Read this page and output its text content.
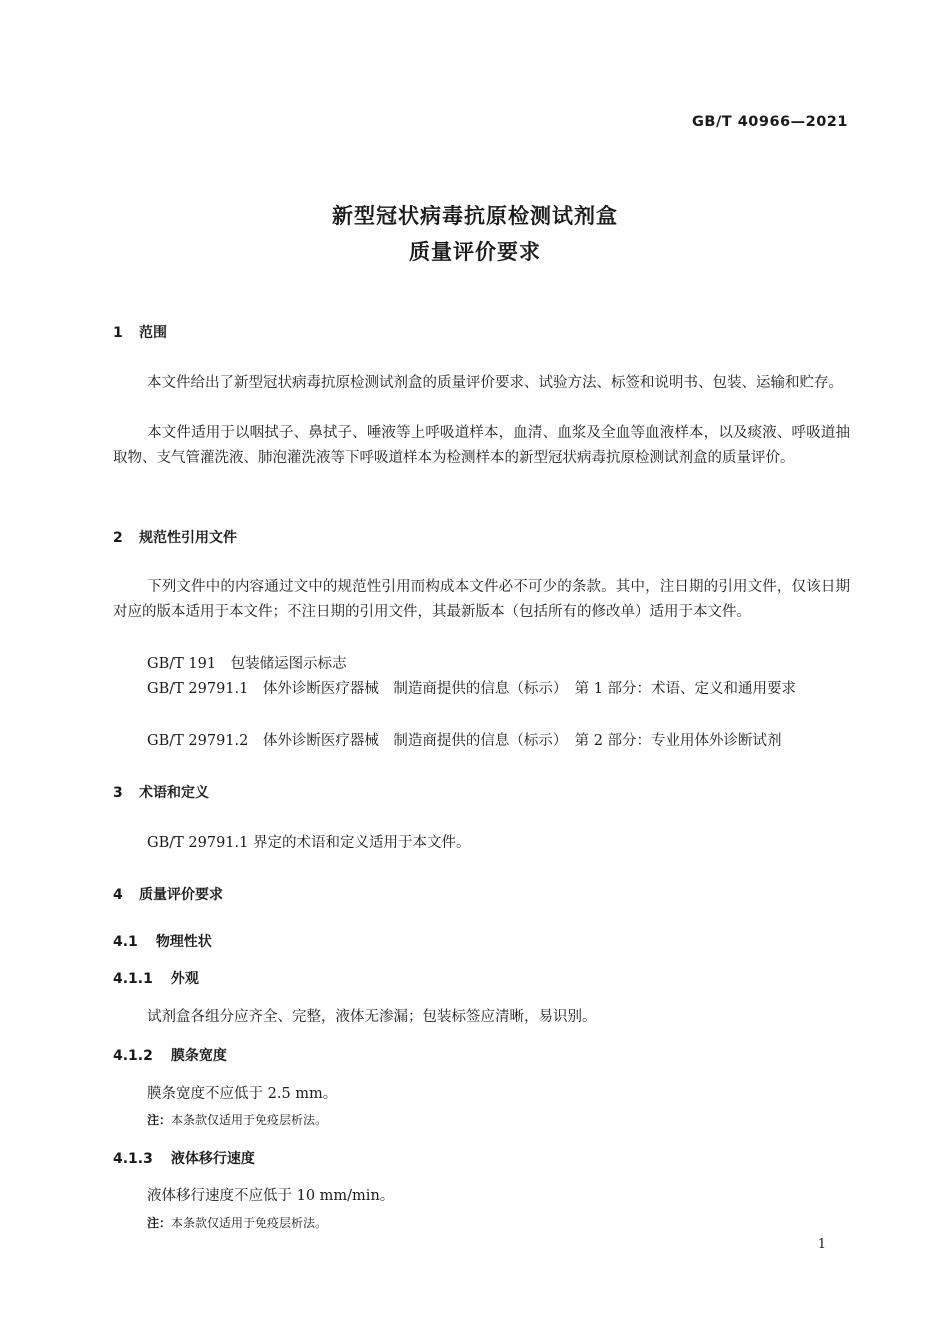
GB/T 40966—2021
新型冠状病毒抗原检测试剂盒
质量评价要求
1 范围
本文件给出了新型冠状病毒抗原检测试剂盒的质量评价要求、试验方法、标签和说明书、包装、运输和贮存。
本文件适用于以咽拭子、鼻拭子、唾液等上呼吸道样本，血清、血浆及全血等血液样本，以及痰液、呼吸道抽取物、支气管灌洗液、肺泡灌洗液等下呼吸道样本为检测样本的新型冠状病毒抗原检测试剂盒的质量评价。
2 规范性引用文件
下列文件中的内容通过文中的规范性引用而构成本文件必不可少的条款。其中，注日期的引用文件，仅该日期对应的版本适用于本文件；不注日期的引用文件，其最新版本（包括所有的修改单）适用于本文件。
GB/T 191　包装储运图示标志
GB/T 29791.1　体外诊断医疗器械　制造商提供的信息（标示）　第 1 部分：术语、定义和通用要求
GB/T 29791.2　体外诊断医疗器械　制造商提供的信息（标示）　第 2 部分：专业用体外诊断试剂
3 术语和定义
GB/T 29791.1 界定的术语和定义适用于本文件。
4 质量评价要求
4.1 物理性状
4.1.1 外观
试剂盒各组分应齐全、完整，液体无渗漏；包装标签应清晰，易识别。
4.1.2 膜条宽度
膜条宽度不应低于 2.5 mm。
注：本条款仅适用于免疫层析法。
4.1.3 液体移行速度
液体移行速度不应低于 10 mm/min。
注：本条款仅适用于免疫层析法。
1
